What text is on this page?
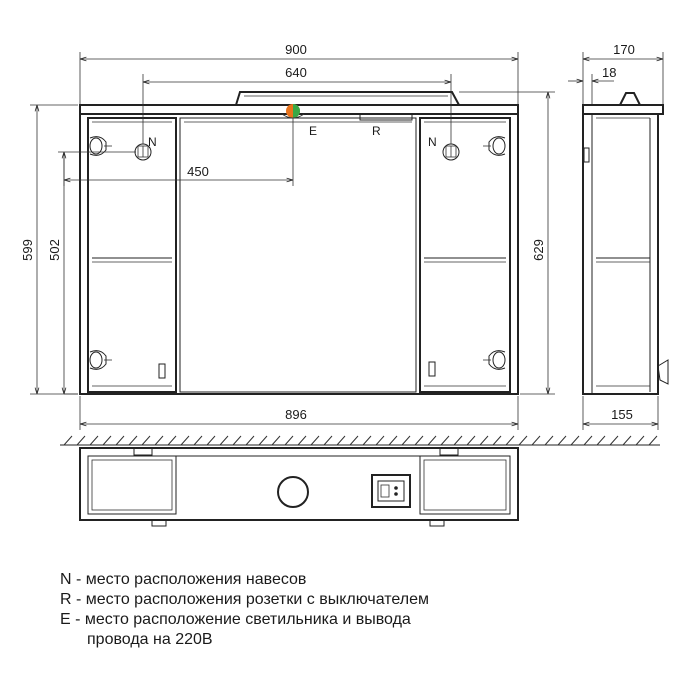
N	N
E	R
900
640
450
599 502	629
896
170
18
155
N - место расположения навесов
R - место расположения розетки с выключателем
E - место расположение светильника и вывода
провода на 220В
